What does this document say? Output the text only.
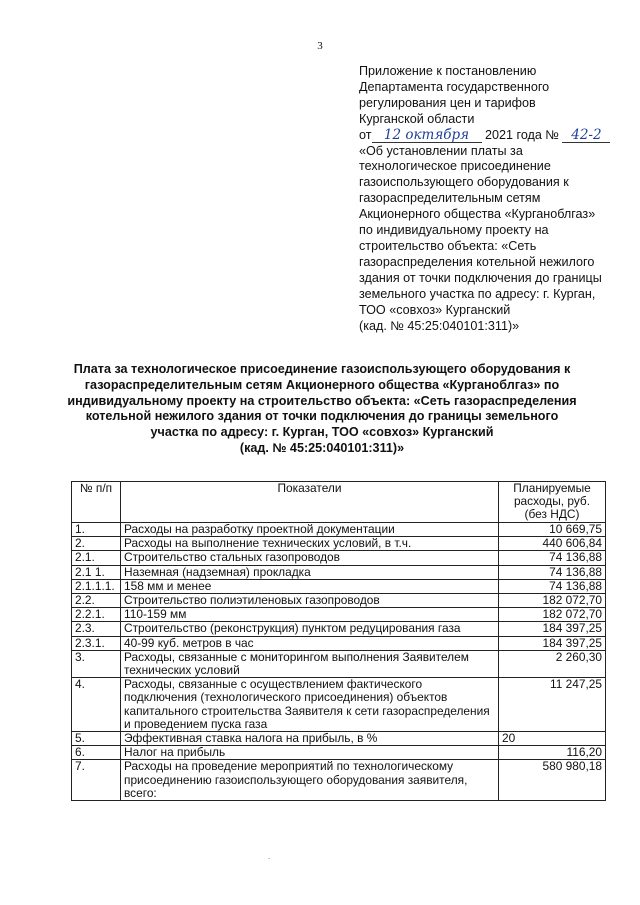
3
Приложение к постановлению
Департамента государственного
регулирования цен и тарифов
Курганской области
от 12 октября 2021 года № 42-2
«Об установлении платы за
технологическое присоединение
газоиспользующего оборудования к
газораспределительным сетям
Акционерного общества «Курганоблгаз»
по индивидуальному проекту на
строительство объекта: «Сеть
газораспределения котельной нежилого
здания от точки подключения до границы
земельного участка по адресу: г. Курган,
ТОО «совхоз» Курганский
(кад. № 45:25:040101:311)»
Плата за технологическое присоединение газоиспользующего оборудования к
газораспределительным сетям Акционерного общества «Курганоблгаз» по
индивидуальному проекту на строительство объекта: «Сеть газораспределения
котельной нежилого здания от точки подключения до границы земельного
участка по адресу: г. Курган, ТОО «совхоз» Курганский
(кад. № 45:25:040101:311)»
№ п/п	Показатели	Планируемые расходы, руб. (без НДС)
1.	Расходы на разработку проектной документации	10 669,75
2.	Расходы на выполнение технических условий, в т.ч.	440 606,84
2.1.	Строительство стальных газопроводов	74 136,88
2.1 1.	Наземная (надземная) прокладка	74 136,88
2.1.1.1.	158 мм и менее	74 136,88
2.2.	Строительство полиэтиленовых газопроводов	182 072,70
2.2.1.	110-159 мм	182 072,70
2.3.	Строительство (реконструкция) пунктом редуцирования газа	184 397,25
2.3.1.	40-99 куб. метров в час	184 397,25
3.	Расходы, связанные с мониторингом выполнения Заявителем технических условий	2 260,30
4.	Расходы, связанные с осуществлением фактического подключения (технологического присоединения) объектов капитального строительства Заявителя к сети газораспределения и проведением пуска газа	11 247,25
5.	Эффективная ставка налога на прибыль, в %	20
6.	Налог на прибыль	116,20
7.	Расходы на проведение мероприятий по технологическому присоединению газоиспользующего оборудования заявителя, всего:	580 980,18
.
